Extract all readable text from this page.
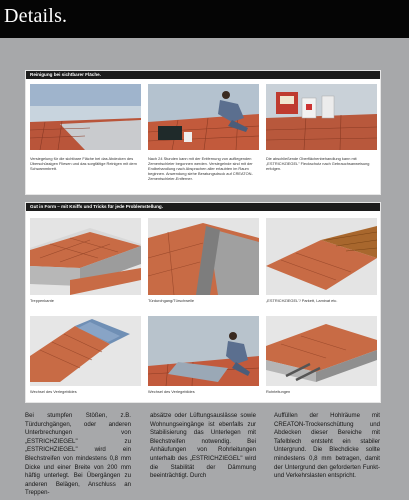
Details.
Reinigung bei sichtbarer Fläche.
Versiegelung für die sichtbare Fläche bei das Abdecken des Überschüssigen Fliesen und das sorgfältige Reinigen mit dem Schwammbrett.
Nach 24 Stunden kann mit der Entfernung von aufliegenden Zementschleier begonnen werden. Versiegelnde sind mit der Endbehandlung nach Absprachen aller erlaubten im Raum beginnen. Anwendung siehe Beratungsdruck auf CREATON-Zementschleier-Entferner.
Die abschließende Oberflächenbehandlung kann mit „ESTRICHZIEGEL" Fleckschutz nach Gebrauchsanweisung erfolgen.
Gut in Form – mit Kniffs und Tricks für jede Problemstellung.
Treppenkante	Türdurchgang/Türschwelle	„ESTRICHZIEGEL"/ Parkett, Laminat etc.
Wechsel des Verlegebildes	Wechsel des Verlegebildes	Rohrleitungen

Bei stumpfen Stößen, z.B. Türdurchgängen, oder anderen Unterbrechungen von „ESTRICHZIEGEL" zu „ESTRICHZIEGEL" wird ein Blechstreifen von mindestens 0,8 mm Dicke und einer Breite von 200 mm häftig unterlegt. Bei Übergängen zu anderen Belägen, Anschluss an Treppen-

absätze oder Lüftungsauslässe sowie Wohnungseingänge ist ebenfalls zur Stabilisierung das Unterlegen mit Blechstreifen notwendig. Bei Anhäufungen von Rohrleitungen unterhalb des „ESTRICHZIEGEL" wird die Stabilität der Dämmung beeinträchtigt. Durch

Auffüllen der Hohlräume mit CREATON-Trockenschüttung und Abdecken dieser Bereiche mit Tafelblech entsteht ein stabiler Untergrund. Die Blechdicke sollte mindestens 0,8 mm betragen, damit der Untergrund den geforderten Funkt- und Verkehrslasten entspricht.
